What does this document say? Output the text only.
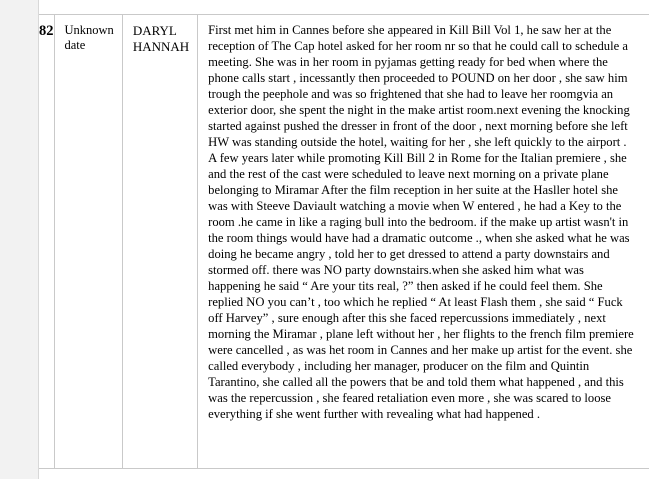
82 Unknown date
DARYL HANNAH

First met him in Cannes before she appeared in Kill Bill Vol 1, he saw her at the reception of The Cap hotel asked for her room nr so that he could call to schedule a meeting. She was in her room in pyjamas getting ready for bed when where the phone calls start , incessantly then proceeded to POUND on her door , she saw him trough the peephole and was so frightened that she had to leave her roomgvia an exterior door, she spent the night in the make artist room.next evening the knocking started against pushed the dresser in front of the door , next morning before she left HW was standing outside the hotel, waiting for her , she left quickly to the airport . A few years later while promoting Kill Bill 2 in Rome for the Italian premiere , she and the rest of the cast were scheduled to leave next morning on a private plane belonging to Miramar After the film reception in her suite at the Hasller hotel she was with Steeve Daviault watching a movie when W entered , he had a Key to the room .he came in like a raging bull into the bedroom. if the make up artist wasn't in the room things would have had a dramatic outcome ., when she asked what he was doing he became angry , told her to get dressed to attend a party downstairs and stormed off. there was NO party downstairs.when she asked him what was happening he said “ Are your tits real, ?” then asked if he could feel them. She replied NO you can’t , too which he replied “ At least Flash them , she said “ Fuck off Harvey” , sure enough after this she faced repercussions immediately , next morning the Miramar , plane left without her , her flights to the french film premiere were cancelled , as was het room in Cannes and her make up artist for the event. she called everybody , including her manager, producer on the film and Quintin Tarantino, she called all the powers that be and told them what happened , and this was the repercussion , she feared retaliation even more , she was scared to loose everything if she went further with revealing what had happened .
